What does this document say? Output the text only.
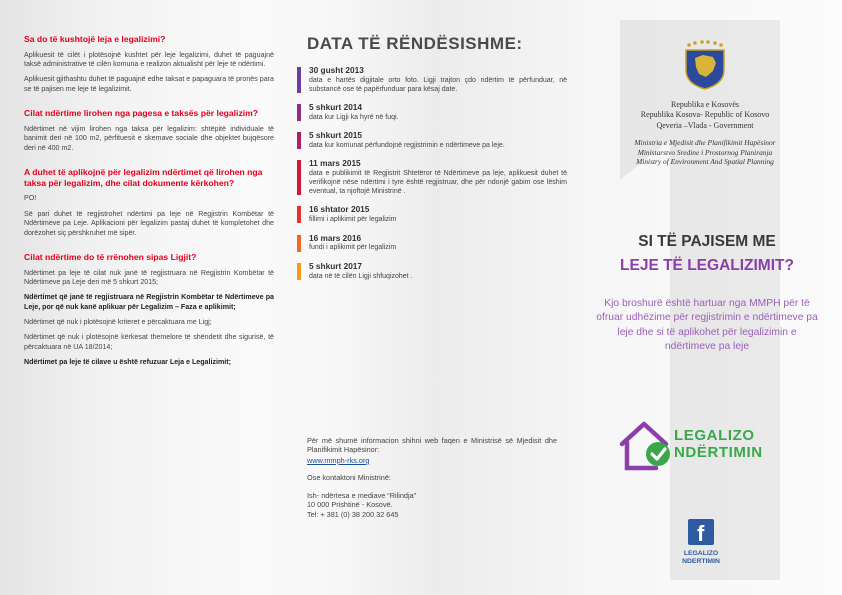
Sa do të kushtojë leja e legalizimi?

Aplikuesit të cilët i plotësojnë kushtet për leje legalizimi, duhet të paguajnë taksë administrative të cilën komuna e realizon aktualisht për leje të ndërtimi.

Aplikuesit gjithashtu duhet të paguajnë edhe taksat e papaguara të pronës para se të pajisen me leje të legalizimit.

Cilat ndërtime lirohen nga pagesa e taksës për legalizim?

Ndërtimet në vijim lirohen nga taksa për legalizim: shtëpitë individuale të banimit deri në 100 m2, përfituesit e skemave sociale dhe objektet bujqësore deri në 400 m2.

A duhet të aplikojnë për legalizim ndërtimet që lirohen nga taksa për legalizim, dhe cilat dokumente kërkohen?

PO!

Së pari duhet të regjistrohet ndërtimi pa leje në Regjistrin Kombëtar të Ndërtimeve pa Leje. Aplikacioni për legalizim pastaj duhet të kompletohet dhe dorëzohet siç përshkruhet më sipër.

Cilat ndërtime do të rrënohen sipas Ligjit?

Ndërtimet pa leje të cilat nuk janë të regjistruara në Regjistrin Kombëtar të Ndërtimeve pa Leje deri më 5 shkurt 2015;

Ndërtimet që janë të regjistruara në Regjistrin Kombëtar të Ndërtimeve pa Leje, por që nuk kanë aplikuar për Legalizim – Faza e aplikimit;

Ndërtimet që nuk i plotësojnë kriteret e përcaktuara me Ligj;

Ndërtimet që nuk i plotësojnë kërkesat themelore të shëndetit dhe sigurisë, të përcaktuara në UA 18/2014;

Ndërtimet pa leje të cilave u është refuzuar Leja e Legalizimit;

DATA TË RËNDËSISHME:
30 gusht 2013
data e hartës digjitale orto foto. Ligji trajton çdo ndërtim të përfunduar, në substancë ose të papërfunduar para kësaj date.
5 shkurt 2014
data kur Ligji ka hyrë në fuqi.
5 shkurt 2015
data kur komunat përfundojnë regjistrimin e ndërtimeve pa leje.
11 mars 2015
data e publikimit të Regjistrit Shtetëror të Ndërtimeve pa leje, aplikuesit duhet të verifikojnë nëse ndërtimi i tyre është regjistruar, dhe për ndonjë gabim ose lëshim eventual, ta njoftojë Ministrinë .
16 shtator 2015
fillimi i aplikimit për legalizim
16 mars 2016
fundi i aplikimit për legalizim
5 shkurt 2017
data në të cilën Ligji shfuqizohet .

Për më shumë informacion shihni web faqen e Ministrisë së Mjedisit dhe Planifikimit Hapësinor:
www.mmph-rks.org

Ose kontaktoni Ministrinë:

Ish- ndërtesa e mediave “Rilindja”
10 000 Prishtinë - Kosovë.
Tel: + 381 (0) 38 200 32 645
Republika e Kosovës
Republika Kosova- Republic of Kosovo
Qeveria –Vlada - Government
Ministria e Mjedisit dhe Planifikimit Hapësinor
Ministarstvo Sredine i Prostornog Planiranja
Ministry of Environment And Spatial Planning
SI TË PAJISEM ME
LEJE TË LEGALIZIMIT?
Kjo broshurë është hartuar nga MMPH për të ofruar udhëzime për regjistrimin e ndërtimeve pa leje dhe si të aplikohet për legalizimin e ndërtimeve pa leje
LEGALIZO
NDËRTIMIN
f
LEGALIZO
NDERTIMIN
